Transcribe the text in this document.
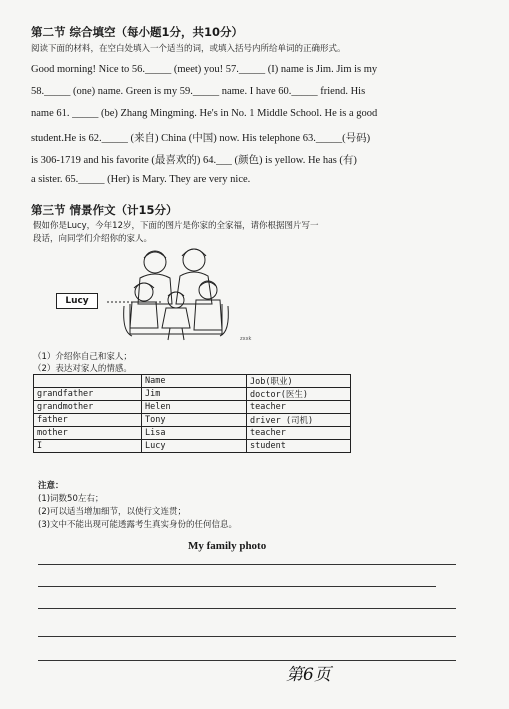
第二节 综合填空（每小题1分，共10分）
阅读下面的材料，在空白处填入一个适当的词，或填入括号内所给单词的正确形式。
Good morning! Nice to 56._____ (meet) you! 57._____ (I) name is Jim. Jim is my
58._____ (one) name. Green is my 59._____ name. I have 60._____ friend. His
name 61. _____ (be) Zhang Mingming. He's in No. 1 Middle School. He is a good
student.He is 62._____ (来自) China (中国) now. His telephone 63._____(号码)
is 306-1719 and his favorite (最喜欢的) 64.___ (颜色) is yellow. He has (有)
a sister. 65._____ (Her) is Mary. They are very nice.
第三节 情景作文（计15分）
假如你是Lucy，今年12岁，下面的图片是你家的全家福，请你根据图片写一
段话，向同学们介绍你的家人。
Lucy
zxxk
（1）介绍你自己和家人；
（2）表达对家人的情感。
	Name	Job(职业)
grandfather	Jim	doctor(医生)
grandmother	Helen	teacher
father	Tony	driver (司机)
mother	Lisa	teacher
I	Lucy	student
注意：
(1)词数50左右；
(2)可以适当增加细节，以使行文连贯；
(3)文中不能出现可能透露考生真实身份的任何信息。
My family photo
第6页
